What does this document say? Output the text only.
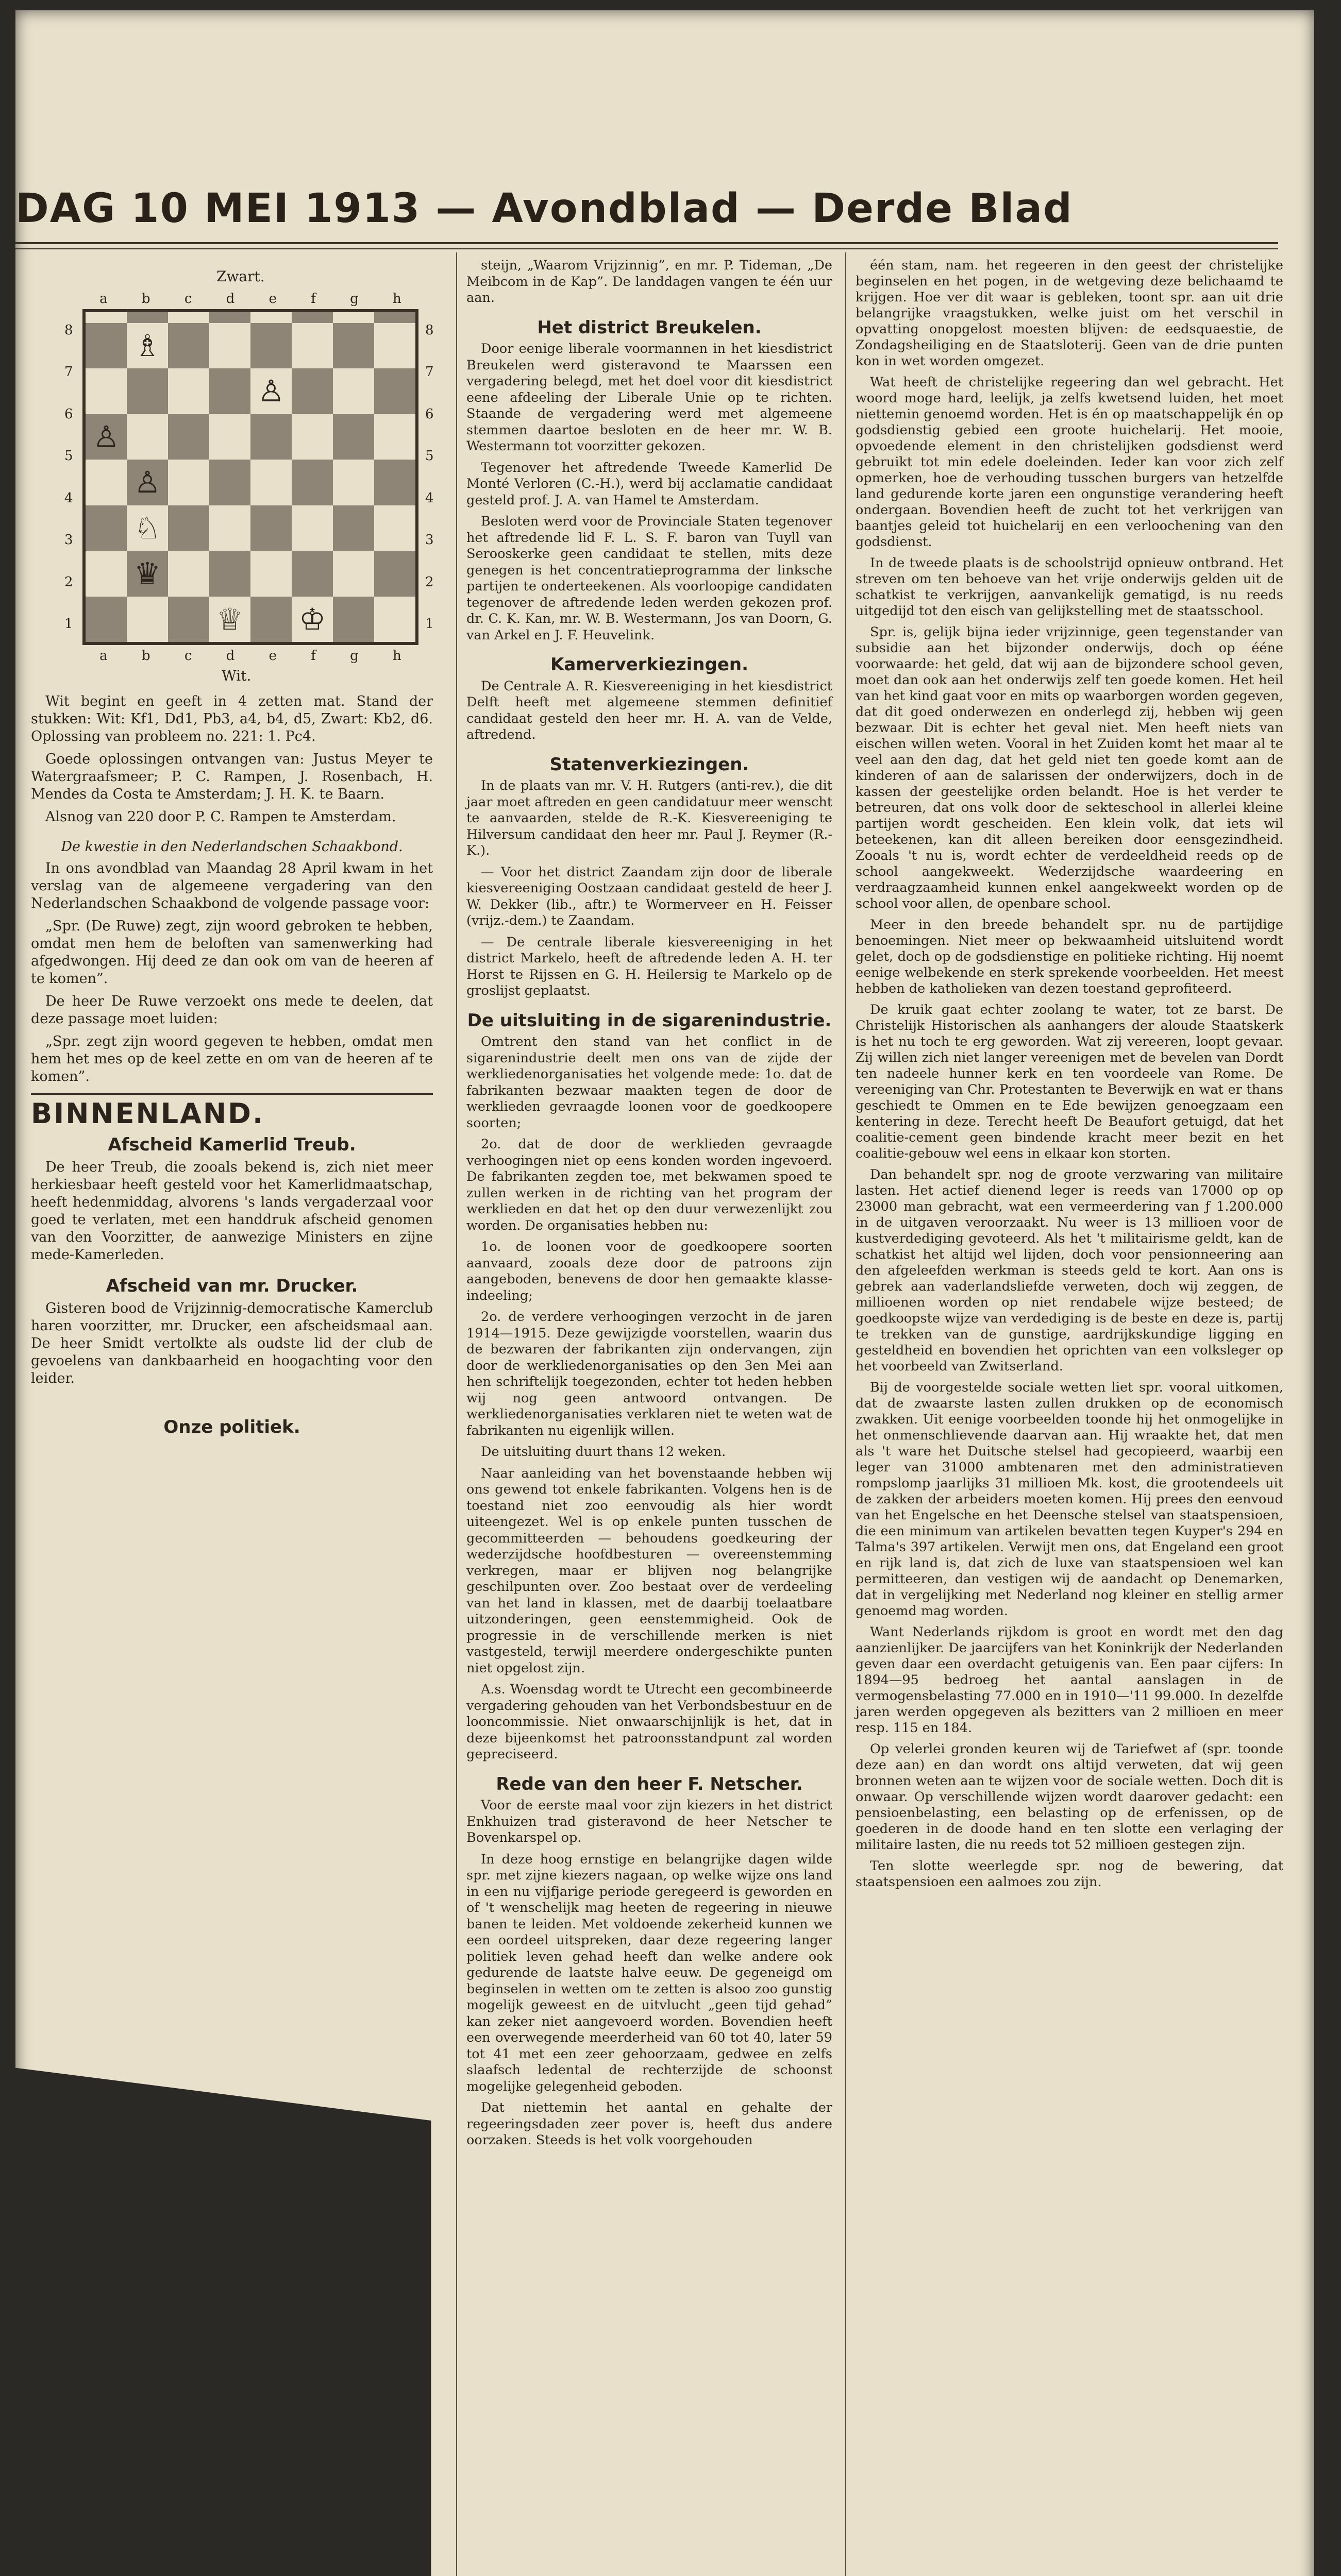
DAG 10 MEI 1913 — Avondblad — Derde Blad
Zwart.
a	b	c	d	e	f	g	h
8
7
6
5
4
3
2
1
8
7
6
5
4
3
2
1
♗
♙
♙
♙
♘
♛
♕ ♔
a	b	c	d	e	f	g	h
Wit.

Wit begint en geeft in 4 zetten mat. Stand der stukken: Wit: Kf1, Dd1, Pb3, a4, b4, d5, Zwart: Kb2, d6. Oplossing van probleem no. 221: 1. Pc4.

Goede oplossingen ontvangen van: Justus Meyer te Watergraafsmeer; P. C. Rampen, J. Rosenbach, H. Mendes da Costa te Amsterdam; J. H. K. te Baarn.

Alsnog van 220 door P. C. Rampen te Amsterdam.

De kwestie in den Nederlandschen Schaakbond.

In ons avondblad van Maandag 28 April kwam in het verslag van de algemeene vergadering van den Nederlandschen Schaakbond de volgende passage voor:

„Spr. (De Ruwe) zegt, zijn woord gebroken te hebben, omdat men hem de beloften van samenwerking had afgedwongen. Hij deed ze dan ook om van de heeren af te komen”.

De heer De Ruwe verzoekt ons mede te deelen, dat deze passage moet luiden:

„Spr. zegt zijn woord gegeven te hebben, omdat men hem het mes op de keel zette en om van de heeren af te komen”.

BINNENLAND.
Afscheid Kamerlid Treub.

De heer Treub, die zooals bekend is, zich niet meer herkiesbaar heeft gesteld voor het Kamerlidmaatschap, heeft hedenmiddag, alvorens 's lands vergaderzaal voor goed te verlaten, met een handdruk afscheid genomen van den Voorzitter, de aanwezige Ministers en zijne mede-Kamerleden.

Afscheid van mr. Drucker.

Gisteren bood de Vrijzinnig-democratische Kamerclub haren voorzitter, mr. Drucker, een afscheidsmaal aan. De heer Smidt vertolkte als oudste lid der club de gevoelens van dankbaarheid en hoogachting voor den leider.

Onze politiek.

steijn, „Waarom Vrijzinnig”, en mr. P. Tideman, „De Meibcom in de Kap”. De landdagen vangen te één uur aan.

Het district Breukelen.

Door eenige liberale voormannen in het kiesdistrict Breukelen werd gisteravond te Maarssen een vergadering belegd, met het doel voor dit kiesdistrict eene afdeeling der Liberale Unie op te richten. Staande de vergadering werd met algemeene stemmen daartoe besloten en de heer mr. W. B. Westermann tot voorzitter gekozen.

Tegenover het aftredende Tweede Kamerlid De Monté Verloren (C.-H.), werd bij acclamatie candidaat gesteld prof. J. A. van Hamel te Amsterdam.

Besloten werd voor de Provinciale Staten tegenover het aftredende lid F. L. S. F. baron van Tuyll van Serooskerke geen candidaat te stellen, mits deze genegen is het concentratieprogramma der linksche partijen te onderteekenen. Als voorloopige candidaten tegenover de aftredende leden werden gekozen prof. dr. C. K. Kan, mr. W. B. Westermann, Jos van Doorn, G. van Arkel en J. F. Heuvelink.

Kamerverkiezingen.

De Centrale A. R. Kiesvereeniging in het kiesdistrict Delft heeft met algemeene stemmen definitief candidaat gesteld den heer mr. H. A. van de Velde, aftredend.

Statenverkiezingen.

In de plaats van mr. V. H. Rutgers (anti-rev.), die dit jaar moet aftreden en geen candidatuur meer wenscht te aanvaarden, stelde de R.-K. Kiesvereeniging te Hilversum candidaat den heer mr. Paul J. Reymer (R.-K.).

— Voor het district Zaandam zijn door de liberale kiesvereeniging Oostzaan candidaat gesteld de heer J. W. Dekker (lib., aftr.) te Wormerveer en H. Feisser (vrijz.-dem.) te Zaandam.

— De centrale liberale kiesvereeniging in het district Markelo, heeft de aftredende leden A. H. ter Horst te Rijssen en G. H. Heilersig te Markelo op de groslijst geplaatst.

De uitsluiting in de sigarenindustrie.

Omtrent den stand van het conflict in de sigarenindustrie deelt men ons van de zijde der werkliedenorganisaties het volgende mede: 1o. dat de fabrikanten bezwaar maakten tegen de door de werklieden gevraagde loonen voor de goedkoopere soorten;

2o. dat de door de werklieden gevraagde verhoogingen niet op eens konden worden ingevoerd. De fabrikanten zegden toe, met bekwamen spoed te zullen werken in de richting van het program der werklieden en dat het op den duur verwezenlijkt zou worden. De organisaties hebben nu:

1o. de loonen voor de goedkoopere soorten aanvaard, zooals deze door de patroons zijn aangeboden, benevens de door hen gemaakte klasse-indeeling;

2o. de verdere verhoogingen verzocht in de jaren 1914—1915. Deze gewijzigde voorstellen, waarin dus de bezwaren der fabrikanten zijn ondervangen, zijn door de werkliedenorganisaties op den 3en Mei aan hen schriftelijk toegezonden, echter tot heden hebben wij nog geen antwoord ontvangen. De werkliedenorganisaties verklaren niet te weten wat de fabrikanten nu eigenlijk willen.

De uitsluiting duurt thans 12 weken.

Naar aanleiding van het bovenstaande hebben wij ons gewend tot enkele fabrikanten. Volgens hen is de toestand niet zoo eenvoudig als hier wordt uiteengezet. Wel is op enkele punten tusschen de gecommitteerden — behoudens goedkeuring der wederzijdsche hoofdbesturen — overeenstemming verkregen, maar er blijven nog belangrijke geschilpunten over. Zoo bestaat over de verdeeling van het land in klassen, met de daarbij toelaatbare uitzonderingen, geen eenstemmigheid. Ook de progressie in de verschillende merken is niet vastgesteld, terwijl meerdere ondergeschikte punten niet opgelost zijn.

A.s. Woensdag wordt te Utrecht een gecombineerde vergadering gehouden van het Verbondsbestuur en de looncommissie. Niet onwaarschijnlijk is het, dat in deze bijeenkomst het patroonsstandpunt zal worden gepreciseerd.

Rede van den heer F. Netscher.

Voor de eerste maal voor zijn kiezers in het district Enkhuizen trad gisteravond de heer Netscher te Bovenkarspel op.

In deze hoog ernstige en belangrijke dagen wilde spr. met zijne kiezers nagaan, op welke wijze ons land in een nu vijfjarige periode geregeerd is geworden en of 't wenschelijk mag heeten de regeering in nieuwe banen te leiden. Met voldoende zekerheid kunnen we een oordeel uitspreken, daar deze regeering langer politiek leven gehad heeft dan welke andere ook gedurende de laatste halve eeuw. De gegeneigd om beginselen in wetten om te zetten is alsoo zoo gunstig mogelijk geweest en de uitvlucht „geen tijd gehad” kan zeker niet aangevoerd worden. Bovendien heeft een overwegende meerderheid van 60 tot 40, later 59 tot 41 met een zeer gehoorzaam, gedwee en zelfs slaafsch ledental de rechterzijde de schoonst mogelijke gelegenheid geboden.

Dat niettemin het aantal en gehalte der regeeringsdaden zeer pover is, heeft dus andere oorzaken. Steeds is het volk voorgehouden

één stam, nam. het regeeren in den geest der christelijke beginselen en het pogen, in de wetgeving deze belichaamd te krijgen. Hoe ver dit waar is gebleken, toont spr. aan uit drie belangrijke vraagstukken, welke juist om het verschil in opvatting onopgelost moesten blijven: de eedsquaestie, de Zondagsheiliging en de Staatsloterij. Geen van de drie punten kon in wet worden omgezet.

Wat heeft de christelijke regeering dan wel gebracht. Het woord moge hard, leelijk, ja zelfs kwetsend luiden, het moet niettemin genoemd worden. Het is én op maatschappelijk én op godsdienstig gebied een groote huichelarij. Het mooie, opvoedende element in den christelijken godsdienst werd gebruikt tot min edele doeleinden. Ieder kan voor zich zelf opmerken, hoe de verhouding tusschen burgers van hetzelfde land gedurende korte jaren een ongunstige verandering heeft ondergaan. Bovendien heeft de zucht tot het verkrijgen van baantjes geleid tot huichelarij en een verloochening van den godsdienst.

In de tweede plaats is de schoolstrijd opnieuw ontbrand. Het streven om ten behoeve van het vrije onderwijs gelden uit de schatkist te verkrijgen, aanvankelijk gematigd, is nu reeds uitgedijd tot den eisch van gelijkstelling met de staatsschool.

Spr. is, gelijk bijna ieder vrijzinnige, geen tegenstander van subsidie aan het bijzonder onderwijs, doch op ééne voorwaarde: het geld, dat wij aan de bijzondere school geven, moet dan ook aan het onderwijs zelf ten goede komen. Het heil van het kind gaat voor en mits op waarborgen worden gegeven, dat dit goed onderwezen en onderlegd zij, hebben wij geen bezwaar. Dit is echter het geval niet. Men heeft niets van eischen willen weten. Vooral in het Zuiden komt het maar al te veel aan den dag, dat het geld niet ten goede komt aan de kinderen of aan de salarissen der onderwijzers, doch in de kassen der geestelijke orden belandt. Hoe is het verder te betreuren, dat ons volk door de sekteschool in allerlei kleine partijen wordt gescheiden. Een klein volk, dat iets wil beteekenen, kan dit alleen bereiken door eensgezindheid. Zooals 't nu is, wordt echter de verdeeldheid reeds op de school aangekweekt. Wederzijdsche waardeering en verdraagzaamheid kunnen enkel aangekweekt worden op de school voor allen, de openbare school.

Meer in den breede behandelt spr. nu de partijdige benoemingen. Niet meer op bekwaamheid uitsluitend wordt gelet, doch op de godsdienstige en politieke richting. Hij noemt eenige welbekende en sterk sprekende voorbeelden. Het meest hebben de katholieken van dezen toestand geprofiteerd.

De kruik gaat echter zoolang te water, tot ze barst. De Christelijk Historischen als aanhangers der aloude Staatskerk is het nu toch te erg geworden. Wat zij vereeren, loopt gevaar. Zij willen zich niet langer vereenigen met de bevelen van Dordt ten nadeele hunner kerk en ten voordeele van Rome. De vereeniging van Chr. Protestanten te Beverwijk en wat er thans geschiedt te Ommen en te Ede bewijzen genoegzaam een kentering in deze. Terecht heeft De Beaufort getuigd, dat het coalitie-cement geen bindende kracht meer bezit en het coalitie-gebouw wel eens in elkaar kon storten.

Dan behandelt spr. nog de groote verzwaring van militaire lasten. Het actief dienend leger is reeds van 17000 op op 23000 man gebracht, wat een vermeerdering van ƒ 1.200.000 in de uitgaven veroorzaakt. Nu weer is 13 millioen voor de kustverdediging gevoteerd. Als het 't militairisme geldt, kan de schatkist het altijd wel lijden, doch voor pensionneering aan den afgeleefden werkman is steeds geld te kort. Aan ons is gebrek aan vaderlandsliefde verweten, doch wij zeggen, de millioenen worden op niet rendabele wijze besteed; de goedkoopste wijze van verdediging is de beste en deze is, partij te trekken van de gunstige, aardrijkskundige ligging en gesteldheid en bovendien het oprichten van een volksleger op het voorbeeld van Zwitserland.

Bij de voorgestelde sociale wetten liet spr. vooral uitkomen, dat de zwaarste lasten zullen drukken op de economisch zwakken. Uit eenige voorbeelden toonde hij het onmogelijke in het onmenschlievende daarvan aan. Hij wraakte het, dat men als 't ware het Duitsche stelsel had gecopieerd, waarbij een leger van 31000 ambtenaren met den administratieven rompslomp jaarlijks 31 millioen Mk. kost, die grootendeels uit de zakken der arbeiders moeten komen. Hij prees den eenvoud van het Engelsche en het Deensche stelsel van staatspensioen, die een minimum van artikelen bevatten tegen Kuyper's 294 en Talma's 397 artikelen. Verwijt men ons, dat Engeland een groot en rijk land is, dat zich de luxe van staatspensioen wel kan permitteeren, dan vestigen wij de aandacht op Denemarken, dat in vergelijking met Nederland nog kleiner en stellig armer genoemd mag worden.

Want Nederlands rijkdom is groot en wordt met den dag aanzienlijker. De jaarcijfers van het Koninkrijk der Nederlanden geven daar een overdacht getuigenis van. Een paar cijfers: In 1894—95 bedroeg het aantal aanslagen in de vermogensbelasting 77.000 en in 1910—'11 99.000. In dezelfde jaren werden opgegeven als bezitters van 2 millioen en meer resp. 115 en 184.

Op velerlei gronden keuren wij de Tariefwet af (spr. toonde deze aan) en dan wordt ons altijd verweten, dat wij geen bronnen weten aan te wijzen voor de sociale wetten. Doch dit is onwaar. Op verschillende wijzen wordt daarover gedacht: een pensioenbelasting, een belasting op de erfenissen, op de goederen in de doode hand en ten slotte een verlaging der militaire lasten, die nu reeds tot 52 millioen gestegen zijn.

Ten slotte weerlegde spr. nog de bewering, dat staatspensioen een aalmoes zou zijn.
